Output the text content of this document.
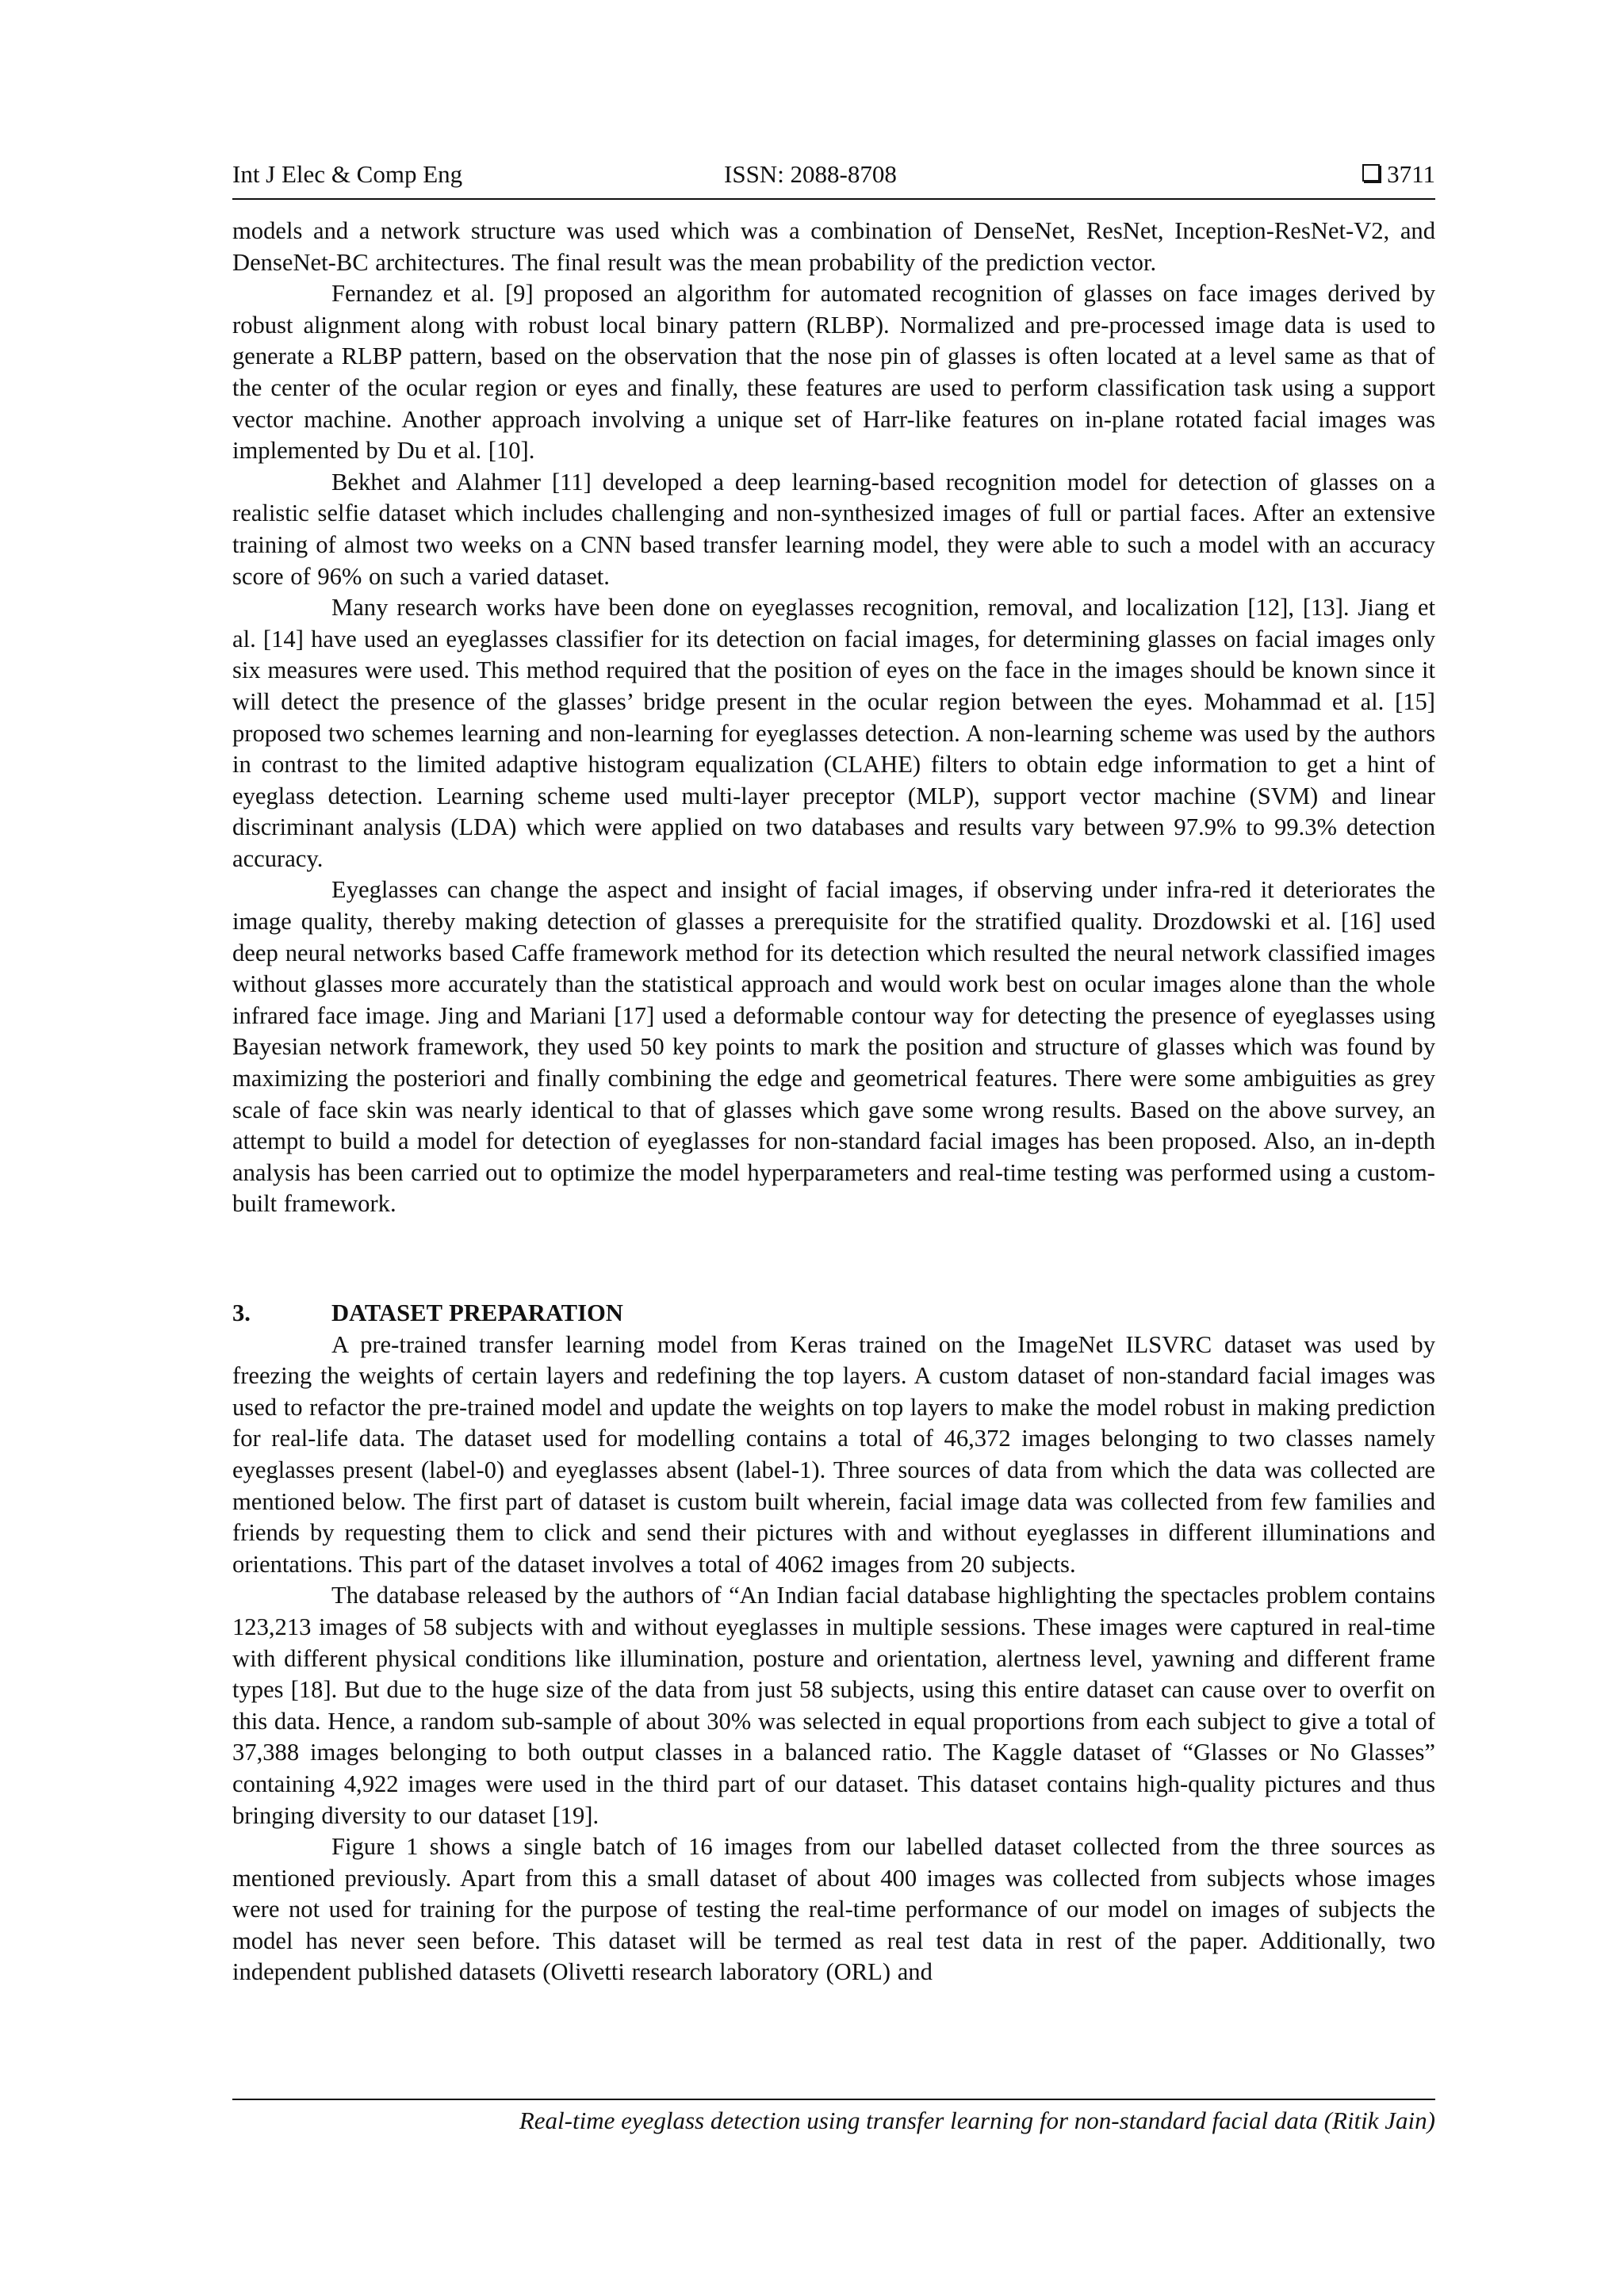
Int J Elec & Comp Eng	ISSN: 2088-8708	3711

models and a network structure was used which was a combination of DenseNet, ResNet, Inception-ResNet-V2, and DenseNet-BC architectures. The final result was the mean probability of the prediction vector.

Fernandez et al. [9] proposed an algorithm for automated recognition of glasses on face images derived by robust alignment along with robust local binary pattern (RLBP). Normalized and pre-processed image data is used to generate a RLBP pattern, based on the observation that the nose pin of glasses is often located at a level same as that of the center of the ocular region or eyes and finally, these features are used to perform classification task using a support vector machine. Another approach involving a unique set of Harr-like features on in-plane rotated facial images was implemented by Du et al. [10].

Bekhet and Alahmer [11] developed a deep learning-based recognition model for detection of glasses on a realistic selfie dataset which includes challenging and non-synthesized images of full or partial faces. After an extensive training of almost two weeks on a CNN based transfer learning model, they were able to such a model with an accuracy score of 96% on such a varied dataset.

Many research works have been done on eyeglasses recognition, removal, and localization [12], [13]. Jiang et al. [14] have used an eyeglasses classifier for its detection on facial images, for determining glasses on facial images only six measures were used. This method required that the position of eyes on the face in the images should be known since it will detect the presence of the glasses’ bridge present in the ocular region between the eyes. Mohammad et al. [15] proposed two schemes learning and non-learning for eyeglasses detection. A non-learning scheme was used by the authors in contrast to the limited adaptive histogram equalization (CLAHE) filters to obtain edge information to get a hint of eyeglass detection. Learning scheme used multi-layer preceptor (MLP), support vector machine (SVM) and linear discriminant analysis (LDA) which were applied on two databases and results vary between 97.9% to 99.3% detection accuracy.

Eyeglasses can change the aspect and insight of facial images, if observing under infra-red it deteriorates the image quality, thereby making detection of glasses a prerequisite for the stratified quality. Drozdowski et al. [16] used deep neural networks based Caffe framework method for its detection which resulted the neural network classified images without glasses more accurately than the statistical approach and would work best on ocular images alone than the whole infrared face image. Jing and Mariani [17] used a deformable contour way for detecting the presence of eyeglasses using Bayesian network framework, they used 50 key points to mark the position and structure of glasses which was found by maximizing the posteriori and finally combining the edge and geometrical features. There were some ambiguities as grey scale of face skin was nearly identical to that of glasses which gave some wrong results. Based on the above survey, an attempt to build a model for detection of eyeglasses for non-standard facial images has been proposed. Also, an in-depth analysis has been carried out to optimize the model hyperparameters and real-time testing was performed using a custom-built framework.

3.	DATASET PREPARATION

A pre-trained transfer learning model from Keras trained on the ImageNet ILSVRC dataset was used by freezing the weights of certain layers and redefining the top layers. A custom dataset of non-standard facial images was used to refactor the pre-trained model and update the weights on top layers to make the model robust in making prediction for real-life data. The dataset used for modelling contains a total of 46,372 images belonging to two classes namely eyeglasses present (label-0) and eyeglasses absent (label-1). Three sources of data from which the data was collected are mentioned below. The first part of dataset is custom built wherein, facial image data was collected from few families and friends by requesting them to click and send their pictures with and without eyeglasses in different illuminations and orientations. This part of the dataset involves a total of 4062 images from 20 subjects.

The database released by the authors of “An Indian facial database highlighting the spectacles problem contains 123,213 images of 58 subjects with and without eyeglasses in multiple sessions. These images were captured in real-time with different physical conditions like illumination, posture and orientation, alertness level, yawning and different frame types [18]. But due to the huge size of the data from just 58 subjects, using this entire dataset can cause over to overfit on this data. Hence, a random sub-sample of about 30% was selected in equal proportions from each subject to give a total of 37,388 images belonging to both output classes in a balanced ratio. The Kaggle dataset of “Glasses or No Glasses” containing 4,922 images were used in the third part of our dataset. This dataset contains high-quality pictures and thus bringing diversity to our dataset [19].

Figure 1 shows a single batch of 16 images from our labelled dataset collected from the three sources as mentioned previously. Apart from this a small dataset of about 400 images was collected from subjects whose images were not used for training for the purpose of testing the real-time performance of our model on images of subjects the model has never seen before. This dataset will be termed as real test data in rest of the paper. Additionally, two independent published datasets (Olivetti research laboratory (ORL) and

Real-time eyeglass detection using transfer learning for non-standard facial data (Ritik Jain)
